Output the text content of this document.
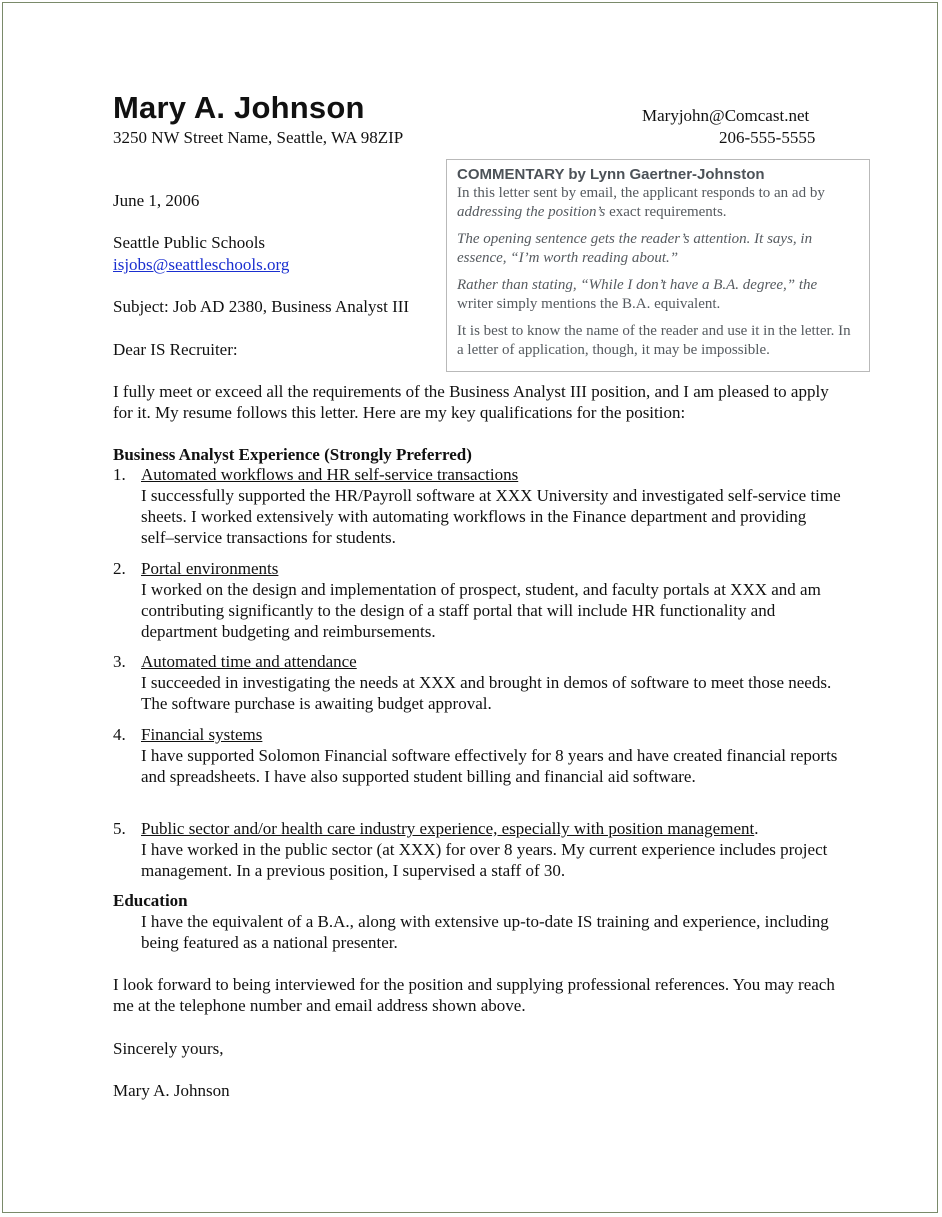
Mary A. Johnson	Maryjohn@Comcast.net
3250 NW Street Name, Seattle, WA 98ZIP	206-555-5555
June 1, 2006
Seattle Public Schools
isjobs@seattleschools.org
Subject: Job AD 2380, Business Analyst III
Dear IS Recruiter:
COMMENTARY by Lynn Gaertner-Johnston

In this letter sent by email, the applicant responds to an ad by
addressing the position’s exact requirements.

The opening sentence gets the reader’s attention. It says, in essence, “I’m worth reading about.”

Rather than stating, “While I don’t have a B.A. degree,” the
writer simply mentions the B.A. equivalent.

It is best to know the name of the reader and use it in the letter. In a letter of application, though, it may be impossible.

I fully meet or exceed all the requirements of the Business Analyst III position, and I am pleased to apply for it. My resume follows this letter. Here are my key qualifications for the position:
Business Analyst Experience (Strongly Preferred)
1. Automated workflows and HR self-service transactions
I successfully supported the HR/Payroll software at XXX University and investigated self-service time sheets. I worked extensively with automating workflows in the Finance department and providing self–service transactions for students.
2. Portal environments
I worked on the design and implementation of prospect, student, and faculty portals at XXX and am contributing significantly to the design of a staff portal that will include HR functionality and department budgeting and reimbursements.
3. Automated time and attendance
I succeeded in investigating the needs at XXX and brought in demos of software to meet those needs. The software purchase is awaiting budget approval.
4. Financial systems
I have supported Solomon Financial software effectively for 8 years and have created financial reports and spreadsheets. I have also supported student billing and financial aid software.
5. Public sector and/or health care industry experience, especially with position management.
I have worked in the public sector (at XXX) for over 8 years. My current experience includes project management. In a previous position, I supervised a staff of 30.
Education
I have the equivalent of a B.A., along with extensive up-to-date IS training and experience, including being featured as a national presenter.
I look forward to being interviewed for the position and supplying professional references. You may reach me at the telephone number and email address shown above.
Sincerely yours,
Mary A. Johnson
